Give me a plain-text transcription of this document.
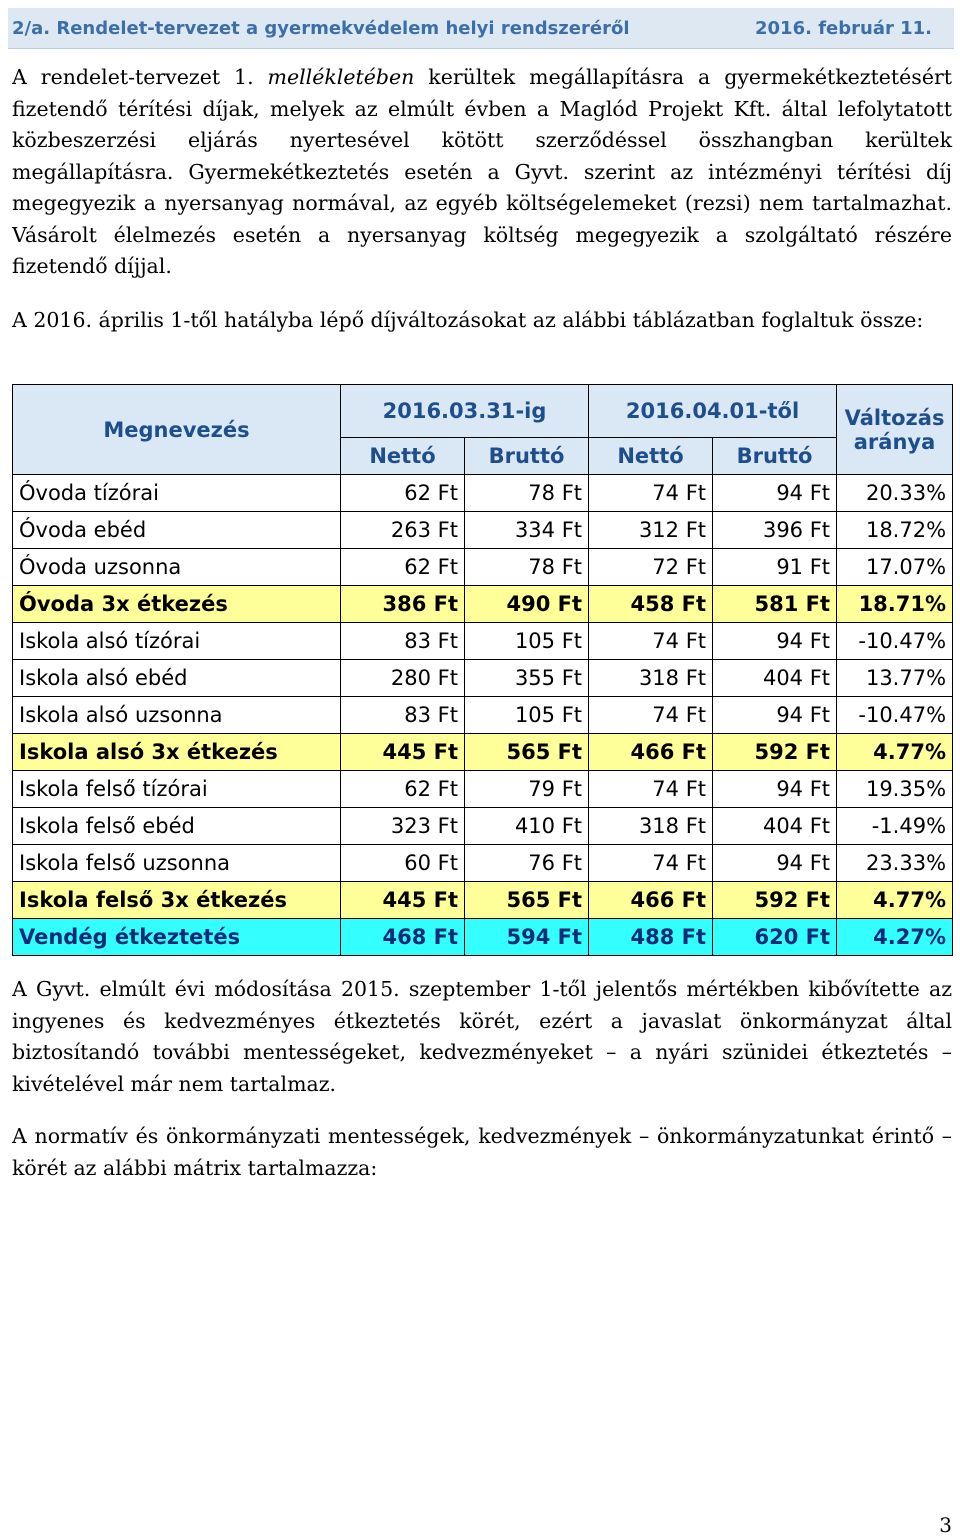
2/a. Rendelet-tervezet a gyermekvédelem helyi rendszeréről	2016. február 11.

A rendelet-tervezet 1. mellékletében kerültek megállapításra a gyermekétkeztetésért fizetendő térítési díjak, melyek az elmúlt évben a Maglód Projekt Kft. által lefolytatott közbeszerzési eljárás nyertesével kötött szerződéssel összhangban kerültek megállapításra. Gyermekétkeztetés esetén a Gyvt. szerint az intézményi térítési díj megegyezik a nyersanyag normával, az egyéb költségelemeket (rezsi) nem tartalmazhat. Vásárolt élelmezés esetén a nyersanyag költség megegyezik a szolgáltató részére fizetendő díjjal.

A 2016. április 1-től hatályba lépő díjváltozásokat az alábbi táblázatban foglaltuk össze:

Megnevezés	2016.03.31-ig		2016.04.01-től		Változás
aránya

	Nettó	Bruttó	Nettó	Bruttó	
Óvoda tízórai	62 Ft	78 Ft	74 Ft	94 Ft	20.33%
Óvoda ebéd	263 Ft	334 Ft	312 Ft	396 Ft	18.72%
Óvoda uzsonna	62 Ft	78 Ft	72 Ft	91 Ft	17.07%
Óvoda 3x étkezés	386 Ft	490 Ft	458 Ft	581 Ft	18.71%
Iskola alsó tízórai	83 Ft	105 Ft	74 Ft	94 Ft	-10.47%
Iskola alsó ebéd	280 Ft	355 Ft	318 Ft	404 Ft	13.77%
Iskola alsó uzsonna	83 Ft	105 Ft	74 Ft	94 Ft	-10.47%
Iskola alsó 3x étkezés	445 Ft	565 Ft	466 Ft	592 Ft	4.77%
Iskola felső tízórai	62 Ft	79 Ft	74 Ft	94 Ft	19.35%
Iskola felső ebéd	323 Ft	410 Ft	318 Ft	404 Ft	-1.49%
Iskola felső uzsonna	60 Ft	76 Ft	74 Ft	94 Ft	23.33%
Iskola felső 3x étkezés	445 Ft	565 Ft	466 Ft	592 Ft	4.77%
Vendég étkeztetés	468 Ft	594 Ft	488 Ft	620 Ft	4.27%

A Gyvt. elmúlt évi módosítása 2015. szeptember 1-től jelentős mértékben kibővítette az ingyenes és kedvezményes étkeztetés körét, ezért a javaslat önkormányzat által biztosítandó további mentességeket, kedvezményeket – a nyári szünidei étkeztetés – kivételével már nem tartalmaz.

A normatív és önkormányzati mentességek, kedvezmények – önkormányzatunkat érintő – körét az alábbi mátrix tartalmazza:

3
